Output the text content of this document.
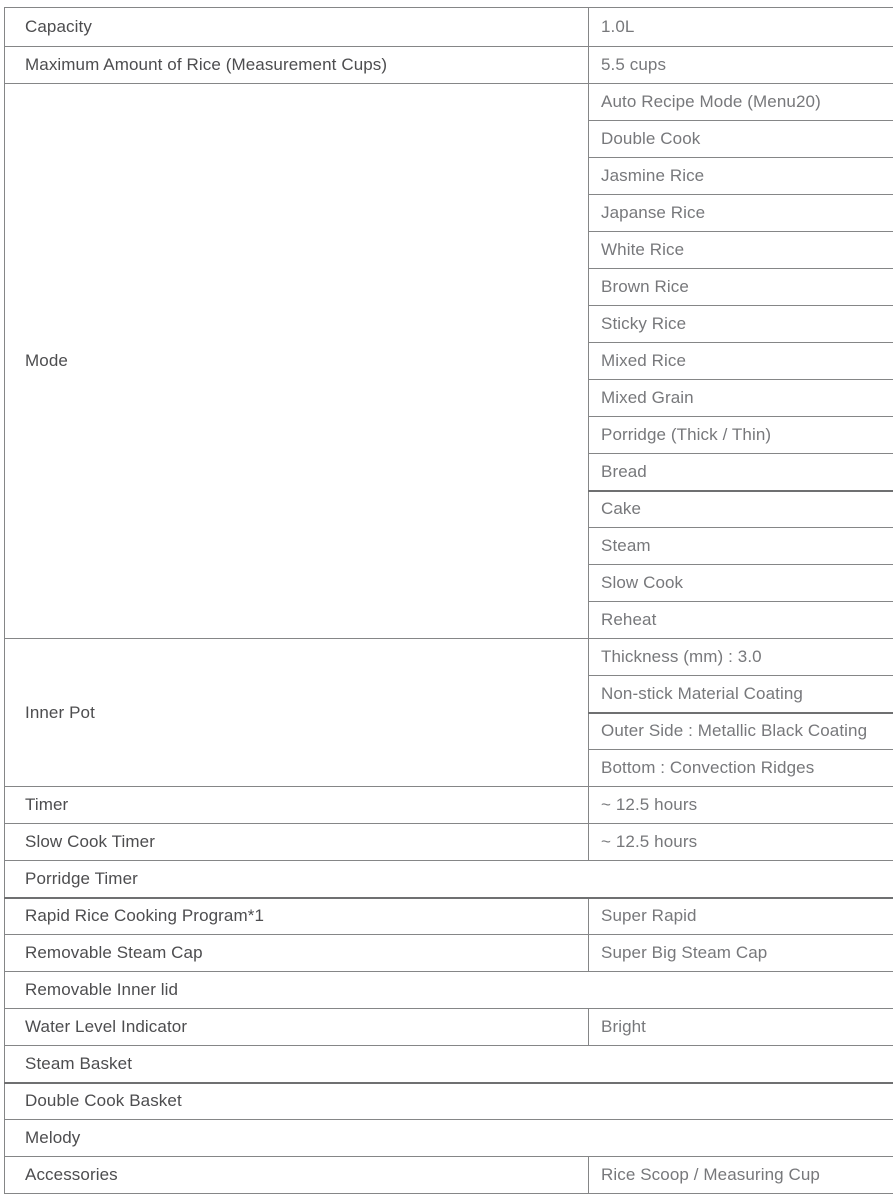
Capacity	1.0L
Maximum Amount of Rice (Measurement Cups)	5.5 cups
Mode	Auto Recipe Mode (Menu20)
	Double Cook
	Jasmine Rice
	Japanse Rice
	White Rice
	Brown Rice
	Sticky Rice
	Mixed Rice
	Mixed Grain
	Porridge (Thick / Thin)
	Bread
	Cake
	Steam
	Slow Cook
	Reheat
Inner Pot	Thickness (mm) : 3.0
	Non-stick Material Coating
	Outer Side : Metallic Black Coating
	Bottom : Convection Ridges
Timer	~ 12.5 hours
Slow Cook Timer	~ 12.5 hours
Porridge Timer	
Rapid Rice Cooking Program*1	Super Rapid
Removable Steam Cap	Super Big Steam Cap
Removable Inner lid	
Water Level Indicator	Bright
Steam Basket	
Double Cook Basket	
Melody	
Accessories	Rice Scoop / Measuring Cup
